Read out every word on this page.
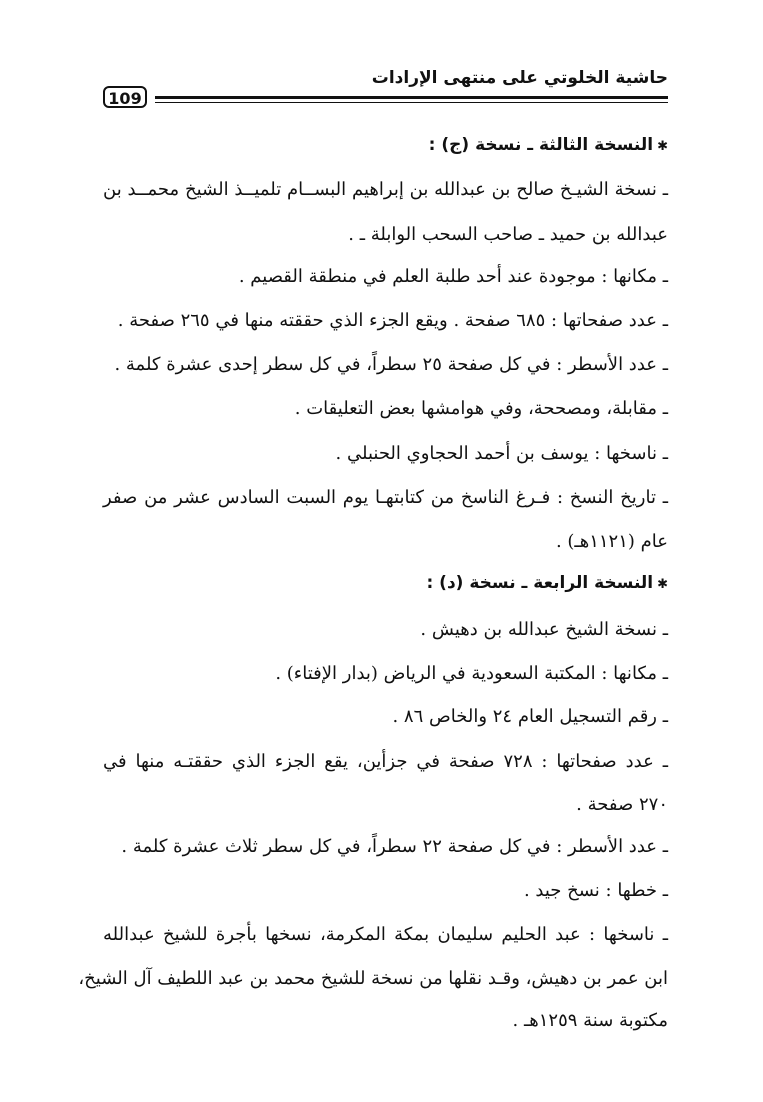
109
حاشية الخلوتي على منتهى الإرادات
✱النسخة الثالثة ـ نسخة (ج) :
ـ نسخة الشيـخ صالح بن عبدالله بن إبراهيم البســام تلميــذ الشيخ محمــد بن
عبدالله بن حميد ـ صاحب السحب الوابلة ـ .
ـ مكانها : موجودة عند أحد طلبة العلم في منطقة القصيم .
ـ عدد صفحاتها : ٦٨٥ صفحة . ويقع الجزء الذي حققته منها في ٢٦٥ صفحة .
ـ عدد الأسطر : في كل صفحة ٢٥ سطراً، في كل سطر إحدى عشرة كلمة .
ـ مقابلة، ومصححة، وفي هوامشها بعض التعليقات .
ـ ناسخها : يوسف بن أحمد الحجاوي الحنبلي .
ـ تاريخ النسخ : فـرغ الناسخ من كتابتهـا يوم السبت السادس عشر من صفر
عام (١١٢١هـ) .
✱النسخة الرابعة ـ نسخة (د) :
ـ نسخة الشيخ عبدالله بن دهيش .
ـ مكانها : المكتبة السعودية في الرياض (بدار الإفتاء) .
ـ رقم التسجيل العام ٢٤ والخاص ٨٦ .
ـ عدد صفحاتها : ٧٢٨ صفحة في جزأين، يقع الجزء الذي حققتـه منها في
٢٧٠ صفحة .
ـ عدد الأسطر : في كل صفحة ٢٢ سطراً، في كل سطر ثلاث عشرة كلمة .
ـ خطها : نسخ جيد .
ـ ناسخها : عبد الحليم سليمان بمكة المكرمة، نسخها بأجرة للشيخ عبدالله
ابن عمر بن دهيش، وقـد نقلها من نسخة للشيخ محمد بن عبد اللطيف آل الشيخ،
مكتوبة سنة ١٢٥٩هـ .
